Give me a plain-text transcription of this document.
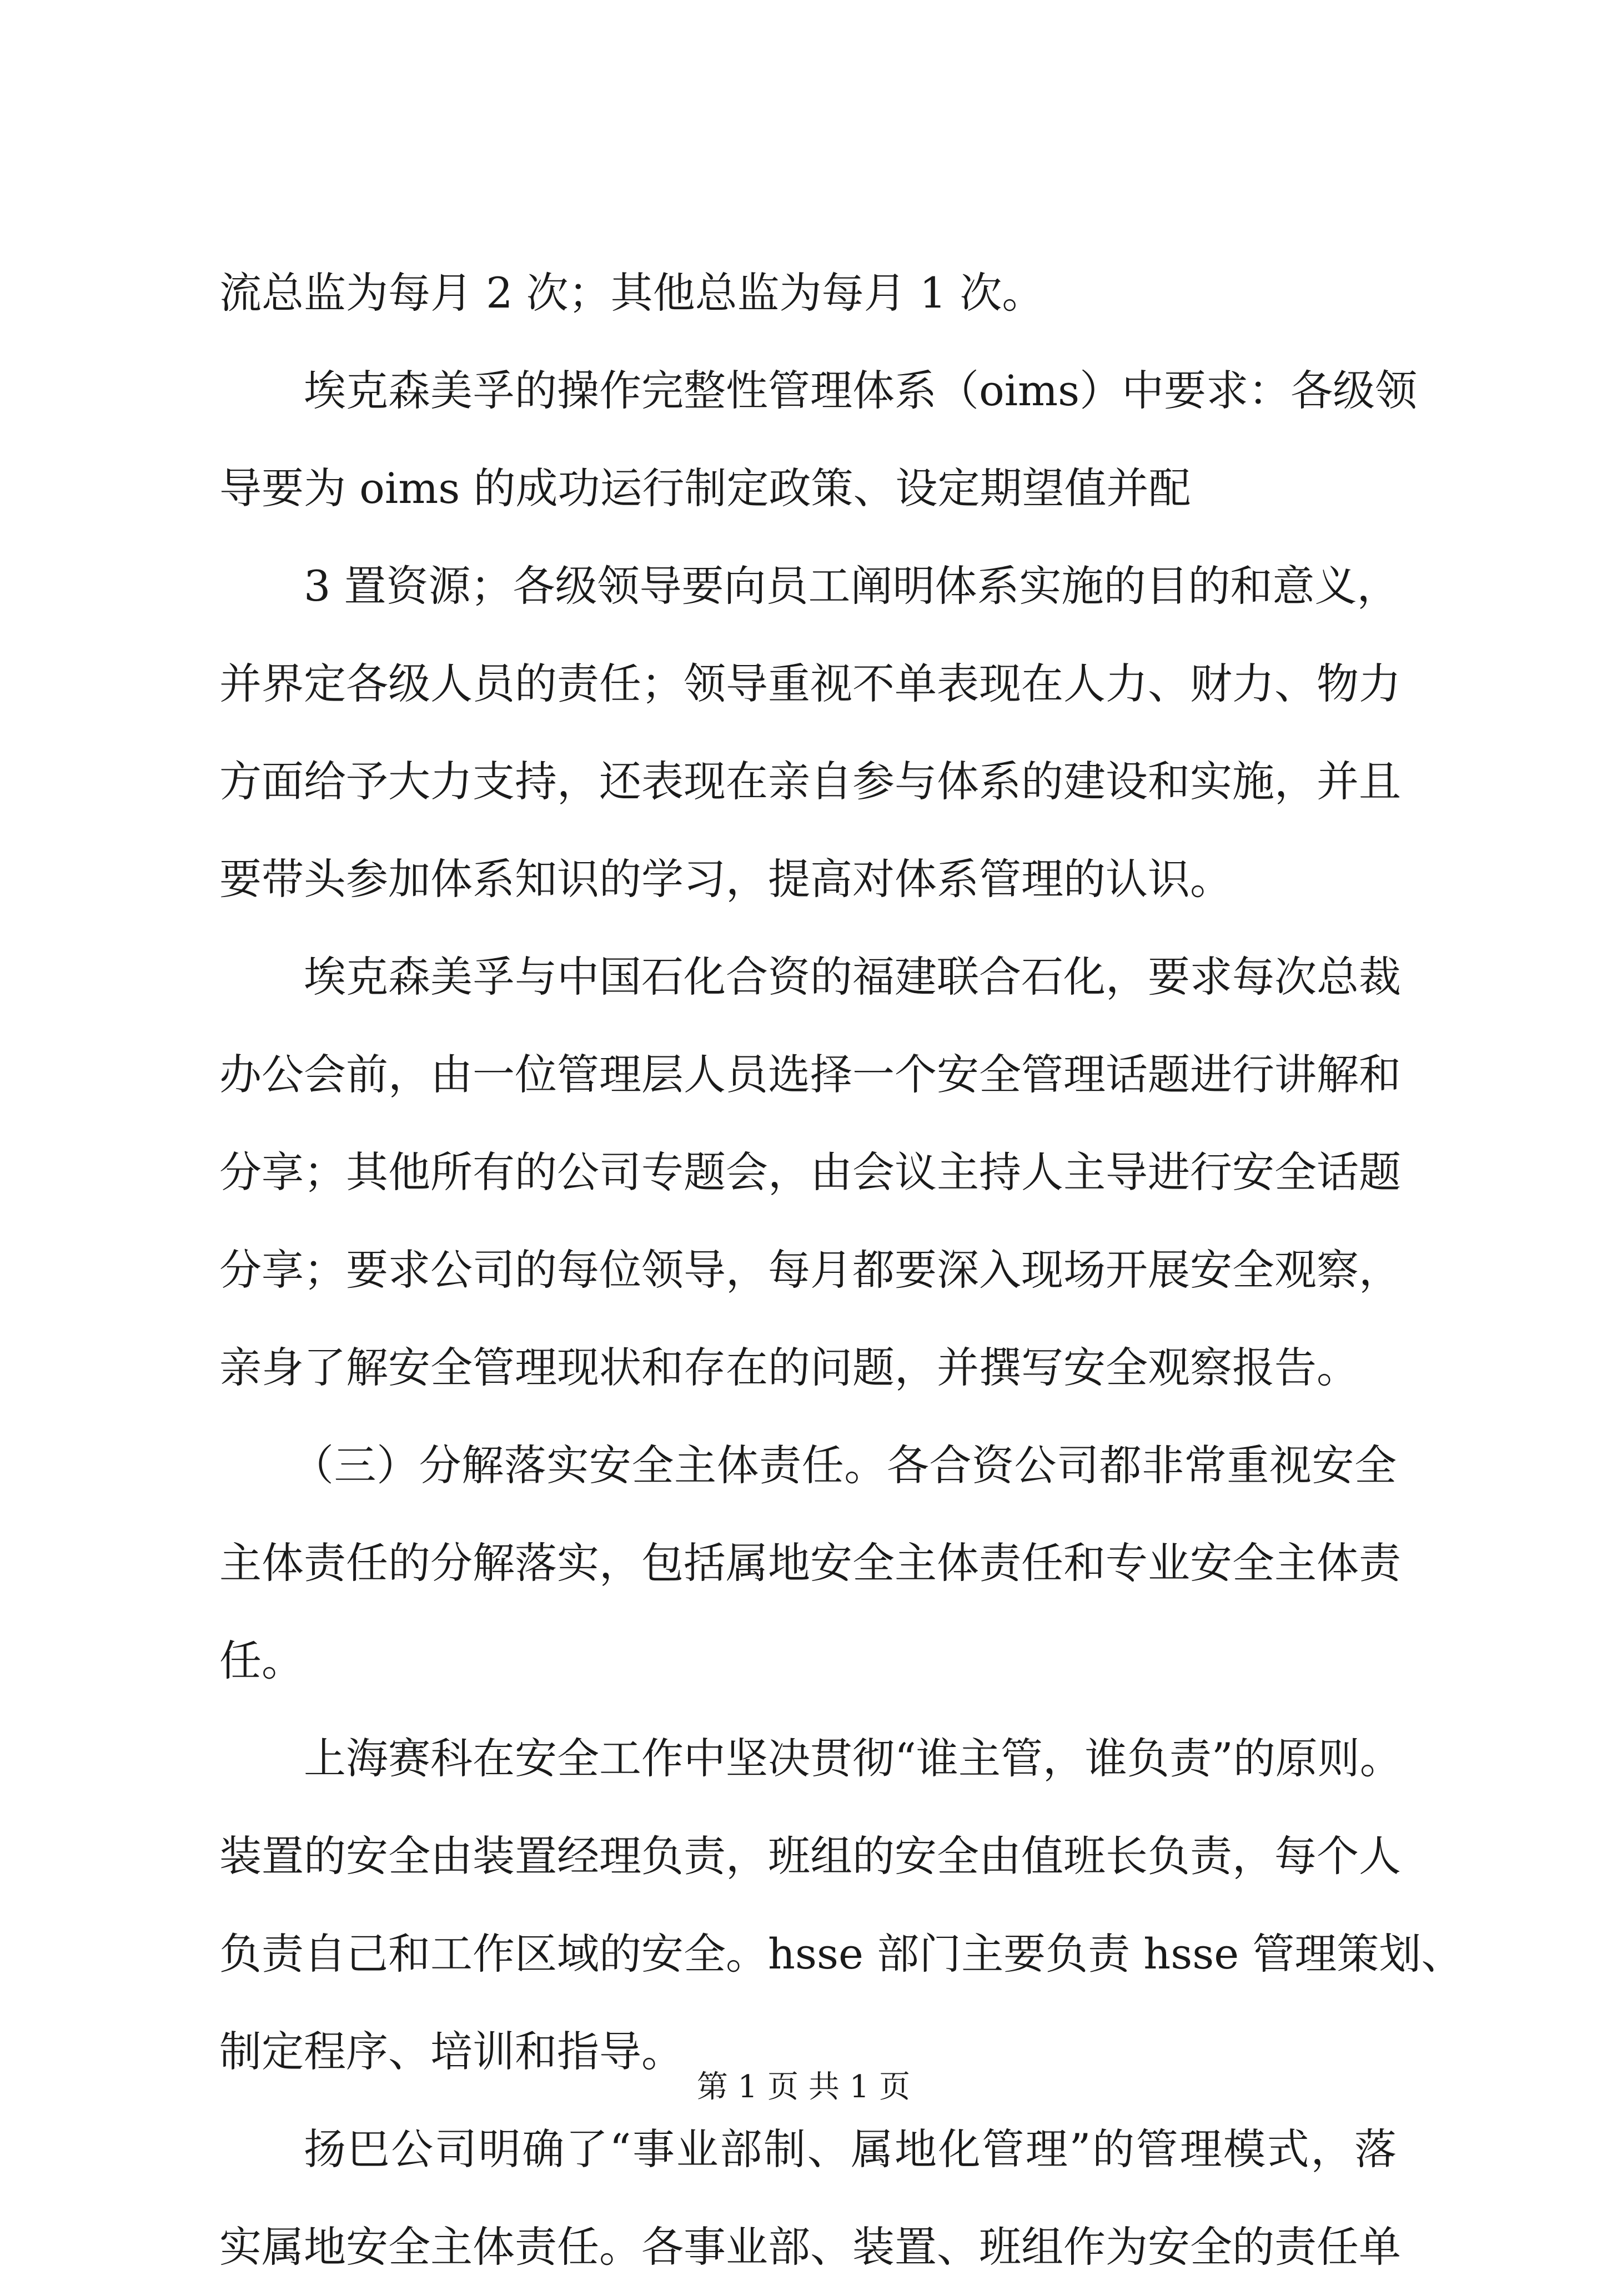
流总监为每月 2 次；其他总监为每月 1 次。
埃克森美孚的操作完整性管理体系（oims）中要求：各级领
导要为 oims 的成功运行制定政策、设定期望值并配
3 置资源；各级领导要向员工阐明体系实施的目的和意义，
并界定各级人员的责任；领导重视不单表现在人力、财力、物力
方面给予大力支持，还表现在亲自参与体系的建设和实施，并且
要带头参加体系知识的学习，提高对体系管理的认识。
埃克森美孚与中国石化合资的福建联合石化，要求每次总裁
办公会前，由一位管理层人员选择一个安全管理话题进行讲解和
分享；其他所有的公司专题会，由会议主持人主导进行安全话题
分享；要求公司的每位领导，每月都要深入现场开展安全观察，
亲身了解安全管理现状和存在的问题，并撰写安全观察报告。
（三）分解落实安全主体责任。各合资公司都非常重视安全
主体责任的分解落实，包括属地安全主体责任和专业安全主体责
任。
上海赛科在安全工作中坚决贯彻“谁主管，谁负责”的原则。
装置的安全由装置经理负责，班组的安全由值班长负责，每个人
负责自己和工作区域的安全。hsse 部门主要负责 hsse 管理策划、
制定程序、培训和指导。
扬巴公司明确了“事业部制、属地化管理”的管理模式，落
实属地安全主体责任。各事业部、装置、班组作为安全的责任单
第 1 页 共 1 页
